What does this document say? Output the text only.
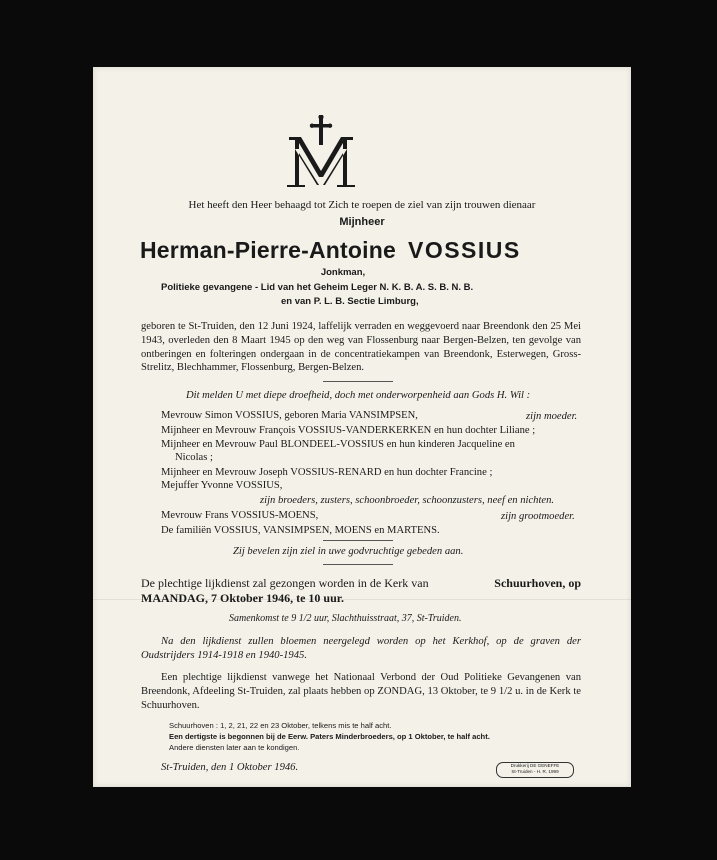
Het heeft den Heer behaagd tot Zich te roepen de ziel van zijn trouwen dienaar
Mijnheer
Herman-Pierre-Antoine VOSSIUS
Jonkman,
Politieke gevangene - Lid van het Geheim Leger N. K. B. A. S. B. N. B.
en van P. L. B. Sectie Limburg,
geboren te St-Truiden, den 12 Juni 1924, laffelijk verraden en weggevoerd naar Breendonk den 25 Mei 1943, overleden den 8 Maart 1945 op den weg van Flossenburg naar Bergen-Belzen, ten gevolge van ontberingen en folteringen ondergaan in de concentratiekampen van Breendonk, Esterwegen, Gross-Strelitz, Blechhammer, Flossenburg, Bergen-Belzen.
Dit melden U met diepe droefheid, doch met onderworpenheid aan Gods H. Wil :
Mevrouw Simon VOSSIUS, geboren Maria VANSIMPSEN,	zijn moeder.
Mijnheer en Mevrouw François VOSSIUS-VANDERKERKEN en hun dochter Liliane ;
Mijnheer en Mevrouw Paul BLONDEEL-VOSSIUS en hun kinderen Jacqueline en
Nicolas ;
Mijnheer en Mevrouw Joseph VOSSIUS-RENARD en hun dochter Francine ;
Mejuffer Yvonne VOSSIUS,
zijn broeders, zusters, schoonbroeder, schoonzusters, neef en nichten.
Mevrouw Frans VOSSIUS-MOENS,	zijn grootmoeder.
De familiën VOSSIUS, VANSIMPSEN, MOENS en MARTENS.
Zij bevelen zijn ziel in uwe godvruchtige gebeden aan.
De plechtige lijkdienst zal gezongen worden in de Kerk van	Schuurhoven, op
MAANDAG, 7 Oktober 1946, te 10 uur.
Samenkomst te 9 1/2 uur, Slachthuisstraat, 37, St-Truiden.
Na den lijkdienst zullen bloemen neergelegd worden op het Kerkhof, op de graven der Oudstrijders 1914-1918 en 1940-1945.
Een plechtige lijkdienst vanwege het Nationaal Verbond der Oud Politieke Gevangenen van Breendonk, Afdeeling St-Truiden, zal plaats hebben op ZONDAG, 13 Oktober, te 9 1/2 u. in de Kerk te Schuurhoven.
Schuurhoven : 1, 2, 21, 22 en 23 Oktober, telkens mis te half acht.
Een dertigste is begonnen bij de Eerw. Paters Minderbroeders, op 1 Oktober, te half acht.
Andere diensten later aan te kondigen.
St-Truiden, den 1 Oktober 1946.	Drukkerij DE GENEFFE
St-Truiden - H. R. 1999
